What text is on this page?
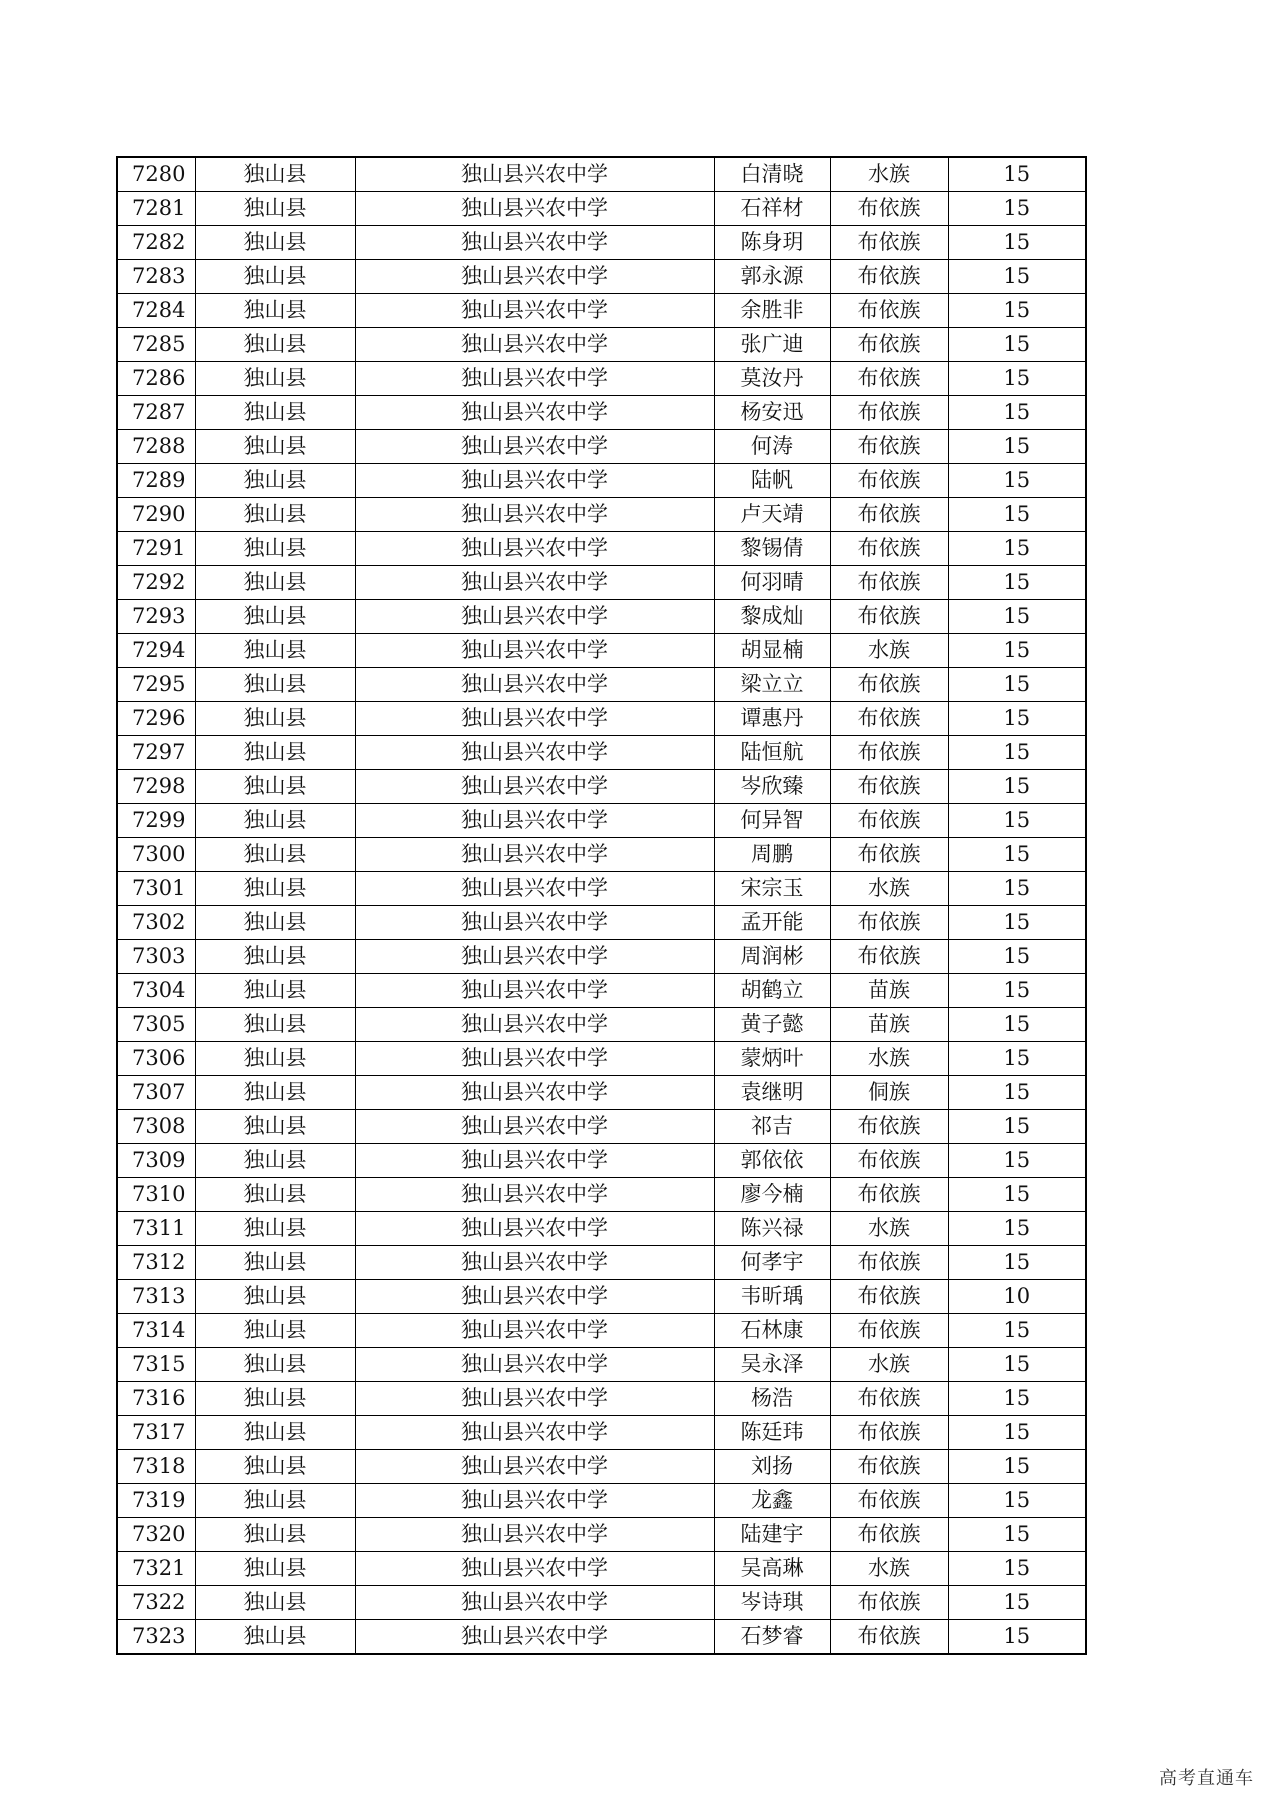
7280	独山县	独山县兴农中学	白清晓	水族	15
7281	独山县	独山县兴农中学	石祥材	布依族	15
7282	独山县	独山县兴农中学	陈身玥	布依族	15
7283	独山县	独山县兴农中学	郭永源	布依族	15
7284	独山县	独山县兴农中学	余胜非	布依族	15
7285	独山县	独山县兴农中学	张广迪	布依族	15
7286	独山县	独山县兴农中学	莫汝丹	布依族	15
7287	独山县	独山县兴农中学	杨安迅	布依族	15
7288	独山县	独山县兴农中学	何涛	布依族	15
7289	独山县	独山县兴农中学	陆帆	布依族	15
7290	独山县	独山县兴农中学	卢天靖	布依族	15
7291	独山县	独山县兴农中学	黎锡倩	布依族	15
7292	独山县	独山县兴农中学	何羽晴	布依族	15
7293	独山县	独山县兴农中学	黎成灿	布依族	15
7294	独山县	独山县兴农中学	胡显楠	水族	15
7295	独山县	独山县兴农中学	梁立立	布依族	15
7296	独山县	独山县兴农中学	谭惠丹	布依族	15
7297	独山县	独山县兴农中学	陆恒航	布依族	15
7298	独山县	独山县兴农中学	岑欣臻	布依族	15
7299	独山县	独山县兴农中学	何异智	布依族	15
7300	独山县	独山县兴农中学	周鹏	布依族	15
7301	独山县	独山县兴农中学	宋宗玉	水族	15
7302	独山县	独山县兴农中学	孟开能	布依族	15
7303	独山县	独山县兴农中学	周润彬	布依族	15
7304	独山县	独山县兴农中学	胡鹤立	苗族	15
7305	独山县	独山县兴农中学	黄子懿	苗族	15
7306	独山县	独山县兴农中学	蒙炳叶	水族	15
7307	独山县	独山县兴农中学	袁继明	侗族	15
7308	独山县	独山县兴农中学	祁吉	布依族	15
7309	独山县	独山县兴农中学	郭依依	布依族	15
7310	独山县	独山县兴农中学	廖今楠	布依族	15
7311	独山县	独山县兴农中学	陈兴禄	水族	15
7312	独山县	独山县兴农中学	何孝宇	布依族	15
7313	独山县	独山县兴农中学	韦昕瑀	布依族	10
7314	独山县	独山县兴农中学	石林康	布依族	15
7315	独山县	独山县兴农中学	吴永泽	水族	15
7316	独山县	独山县兴农中学	杨浩	布依族	15
7317	独山县	独山县兴农中学	陈廷玮	布依族	15
7318	独山县	独山县兴农中学	刘扬	布依族	15
7319	独山县	独山县兴农中学	龙鑫	布依族	15
7320	独山县	独山县兴农中学	陆建宇	布依族	15
7321	独山县	独山县兴农中学	吴高琳	水族	15
7322	独山县	独山县兴农中学	岑诗琪	布依族	15
7323	独山县	独山县兴农中学	石梦睿	布依族	15
高考直通车
